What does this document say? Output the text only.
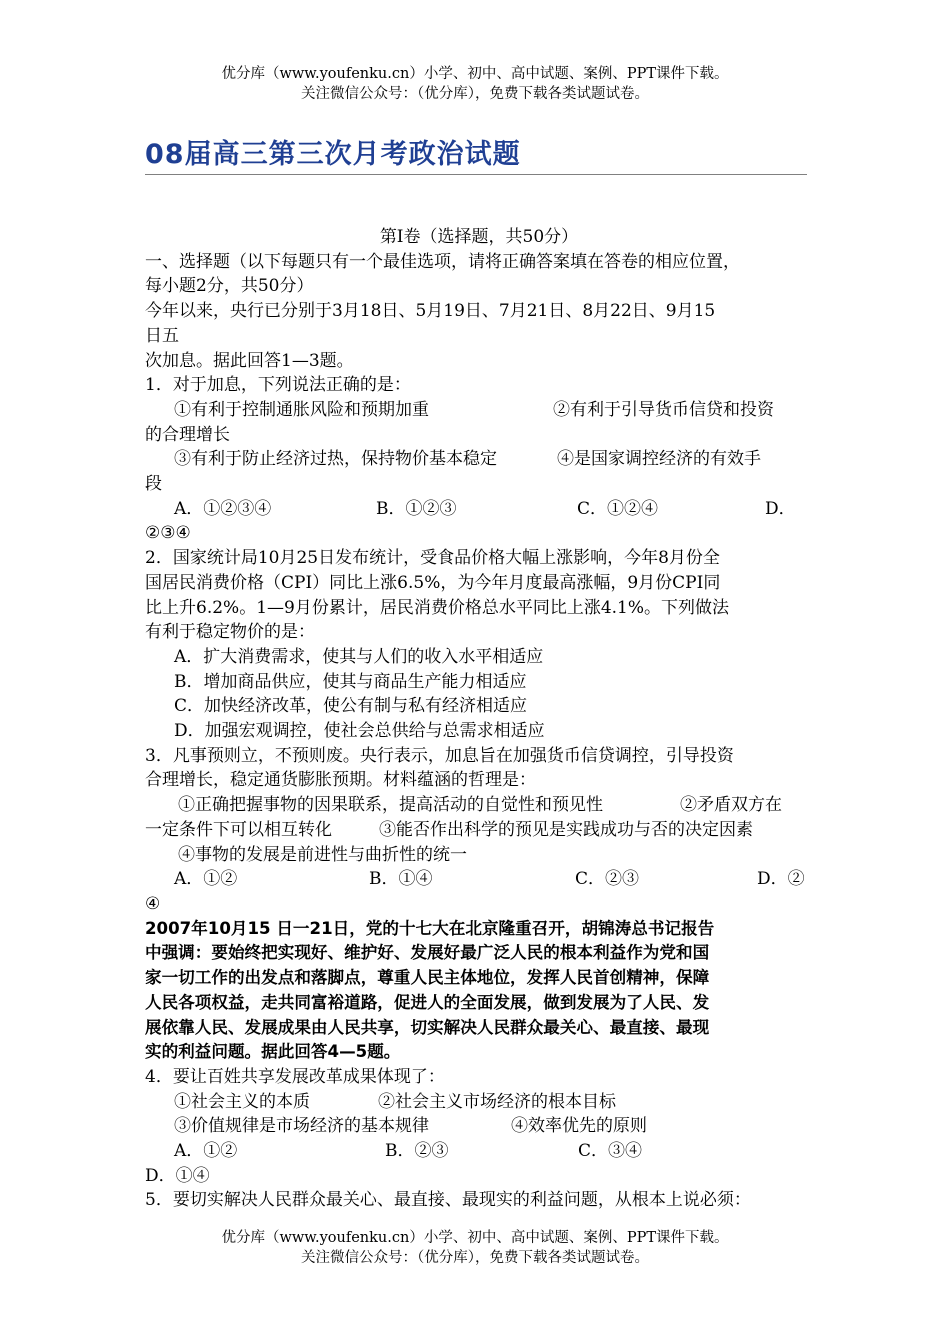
优分库（www.youfenku.cn）小学、初中、高中试题、案例、PPT课件下载。
关注微信公众号：（优分库），免费下载各类试题试卷。
08届高三第三次月考政治试题

第Ⅰ卷（选择题，共50分）

一、选择题（以下每题只有一个最佳选项，请将正确答案填在答卷的相应位置，

每小题2分，共50分）

今年以来，央行已分别于3月18日、5月19日、7月21日、8月22日、9月15

日五

次加息。据此回答1—3题。

1．对于加息，下列说法正确的是：

①有利于控制通胀风险和预期加重	②有利于引导货币信贷和投资

的合理增长

③有利于防止经济过热，保持物价基本稳定	④是国家调控经济的有效手

段

A．①②③④	B．①②③	C．①②④	D．

②③④

2．国家统计局10月25日发布统计，受食品价格大幅上涨影响，今年8月份全

国居民消费价格（CPI）同比上涨6.5%，为今年月度最高涨幅，9月份CPI同

比上升6.2%。1—9月份累计，居民消费价格总水平同比上涨4.1%。下列做法

有利于稳定物价的是：

A．扩大消费需求，使其与人们的收入水平相适应

B．增加商品供应，使其与商品生产能力相适应

C．加快经济改革，使公有制与私有经济相适应

D．加强宏观调控，使社会总供给与总需求相适应

3．凡事预则立，不预则废。央行表示，加息旨在加强货币信贷调控，引导投资

合理增长，稳定通货膨胀预期。材料蕴涵的哲理是：

①正确把握事物的因果联系，提高活动的自觉性和预见性	②矛盾双方在

一定条件下可以相互转化	③能否作出科学的预见是实践成功与否的决定因素

④事物的发展是前进性与曲折性的统一

A．①②	B．①④	C．②③	D．②

④

2007年10月15 日一21日，党的十七大在北京隆重召开，胡锦涛总书记报告

中强调：要始终把实现好、维护好、发展好最广泛人民的根本利益作为党和国

家一切工作的出发点和落脚点，尊重人民主体地位，发挥人民首创精神，保障

人民各项权益，走共同富裕道路，促进人的全面发展，做到发展为了人民、发

展依靠人民、发展成果由人民共享，切实解决人民群众最关心、最直接、最现

实的利益问题。据此回答4—5题。

4．要让百姓共享发展改革成果体现了：

①社会主义的本质	②社会主义市场经济的根本目标

③价值规律是市场经济的基本规律	④效率优先的原则

A．①②	B．②③	C．③④

D．①④

5．要切实解决人民群众最关心、最直接、最现实的利益问题，从根本上说必须：

优分库（www.youfenku.cn）小学、初中、高中试题、案例、PPT课件下载。
关注微信公众号：（优分库），免费下载各类试题试卷。
